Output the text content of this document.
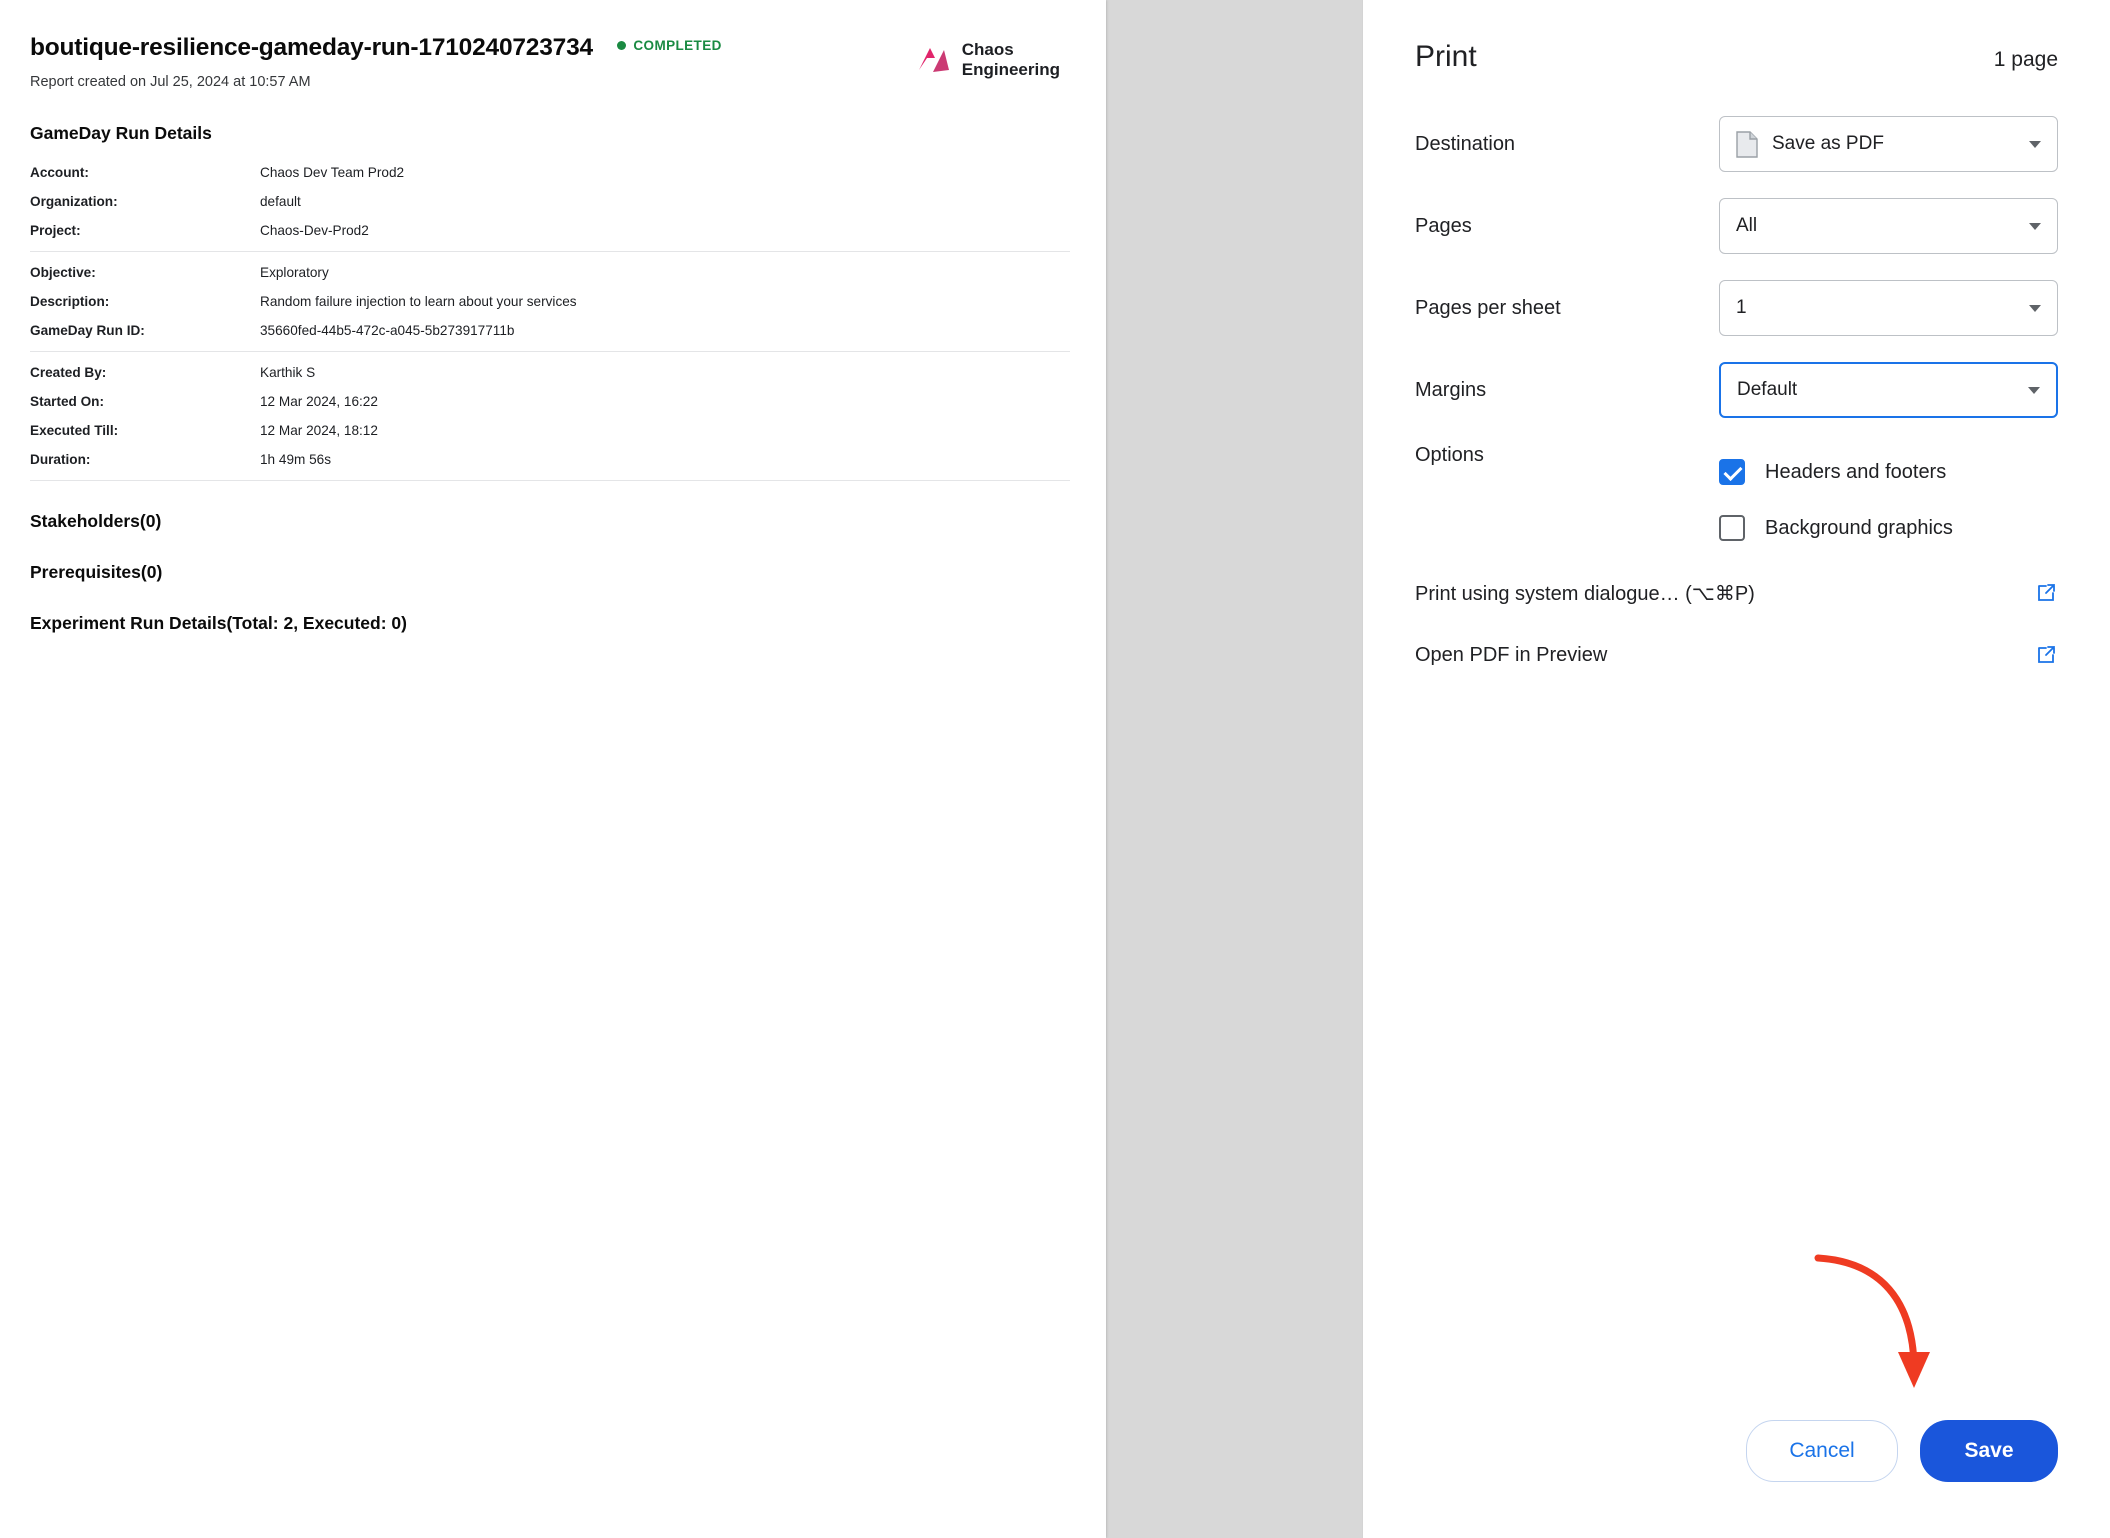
boutique-resilience-gameday-run-1710240723734	COMPLETED
Report created on Jul 25, 2024 at 10:57 AM
Chaos
Engineering
GameDay Run Details
Account:	Chaos Dev Team Prod2
Organization:	default
Project:	Chaos-Dev-Prod2
Objective:	Exploratory
Description:	Random failure injection to learn about your services
GameDay Run ID:	35660fed-44b5-472c-a045-5b273917711b
Created By:	Karthik S
Started On:	12 Mar 2024, 16:22
Executed Till:	12 Mar 2024, 18:12
Duration:	1h 49m 56s
Stakeholders(0)
Prerequisites(0)
Experiment Run Details(Total: 2, Executed: 0)
Print	1 page
Destination	Save as PDF
Pages	All
Pages per sheet	1
Margins	Default
Options
Headers and footers
Background graphics
Print using system dialogue… (⌥⌘P)
Open PDF in Preview
Cancel	Save
